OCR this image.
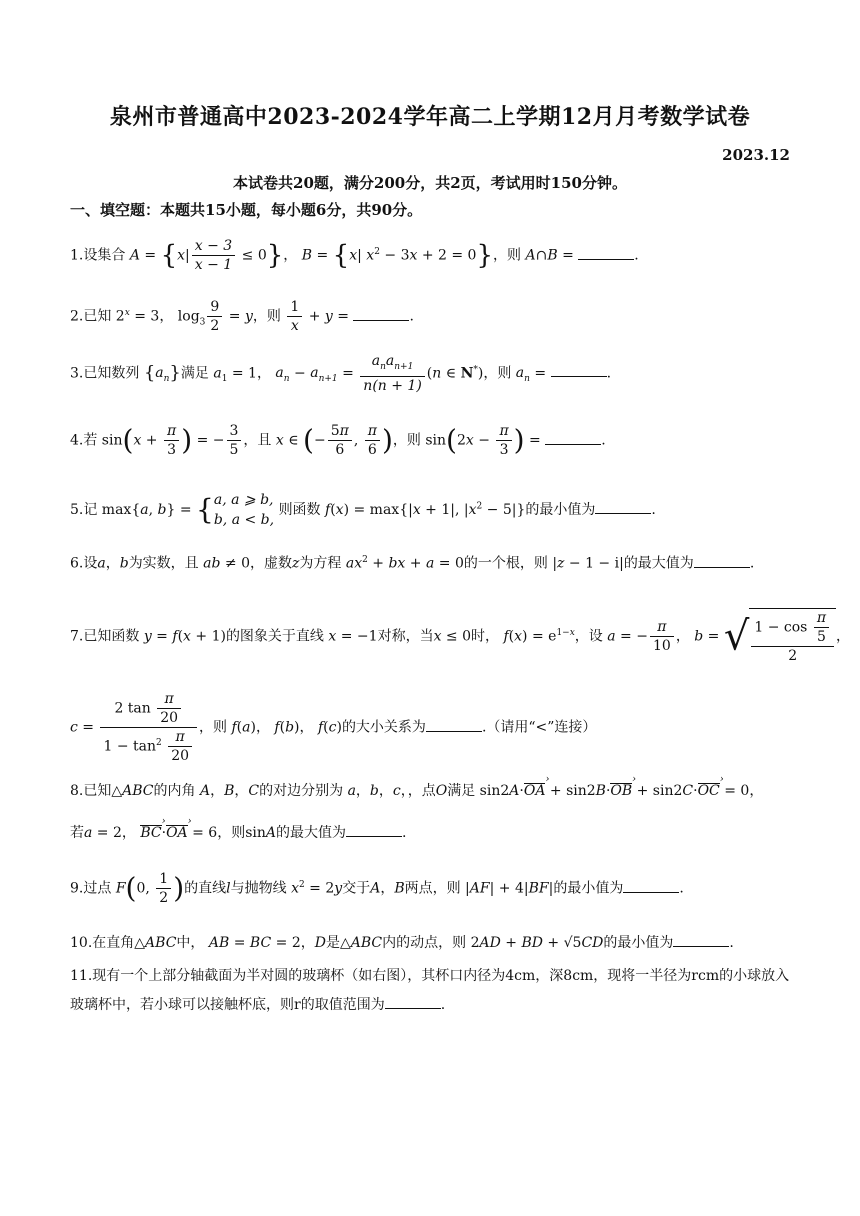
泉州市普通高中2023-2024学年高二上学期12月月考数学试卷
2023.12
本试卷共20题，满分200分，共2页，考试用时150分钟。
一、填空题：本题共15小题，每小题6分，共90分。
1.设集合 $A = \{x| \frac{x - 3}{x - 1} \le 0\}$， B = {x| $x^2 - 3x + 2 = 0$}，则 A∩B =	.
2.已知 $2^x = 3$， $\log_3 \frac{9}{2} = y$，则 $\frac{1}{x} + y$ =	.
3.已知数列 $\{a_n\}$满足 $a_1 = 1$， $a_n - a_{n+1} = \frac{a_na_{n+1}}{n(n + 1)} (n$ ∈ N*)，则 $a_n$ =	.
4.若 $\sin(x + \frac{\pi}{3}$ ) = − $\frac{3}{5}$ ，且 x ∈ (− $\frac{5\pi}{6}$ , $\frac{\pi}{6}$ )，则 $\sin(2x - \frac{\pi}{3}$ ) =	.
5.记 max{a, b} = {a, a ⩾ b,
b, a < b, 则函数 f(x) = max{|x + 1|, $|x^2 - 5|$}的最小值为	.
6.设a，b为实数，且 ab ≠ 0，虚数z为方程 $ax^2$ + bx + a = 0的一个根，则 |z − 1 − i|的最大值为	.
7.已知函数 y = f(x + 1)的图象关于直线 x = −1对称，当x ≤ 0时， $f(x) = e^{1-x}$，设 a = − $\frac{\pi}{10}$ ， b = √ $\frac{1 - \cos \frac{\pi}{5}}{2}$ ，
$c = \frac{2 \tan \frac{\pi}{20}}{1 - \tan^2 \frac{\pi}{20}}$ ，则 f(a)， f(b)， f(c)的大小关系为	.（请用“<”连接）
8.已知△ABC的内角 A，B，C的对边分别为 a，b，c，，点O满足 sin2A·OA › + sin2B·OB › + sin2C·OC › = 0，
若a = 2， BC ›·OA › = 6，则sinA的最大值为	.
9.过点 F(0, $\frac{1}{2}$ )的直线l与抛物线 $x^2 = 2y$交于A，B两点，则 |AF| + 4|BF|的最小值为	.
10.在直角△ABC中， AB = BC = 2，D是△ABC内的动点，则 2AD + BD + √5CD的最小值为	.
11.现有一个上部分轴截面为半对圆的玻璃杯（如右图），其杯口内径为4cm，深8cm，现将一半径为rcm的小球放入玻璃杯中，若小球可以接触杯底，则r的取值范围为	.
